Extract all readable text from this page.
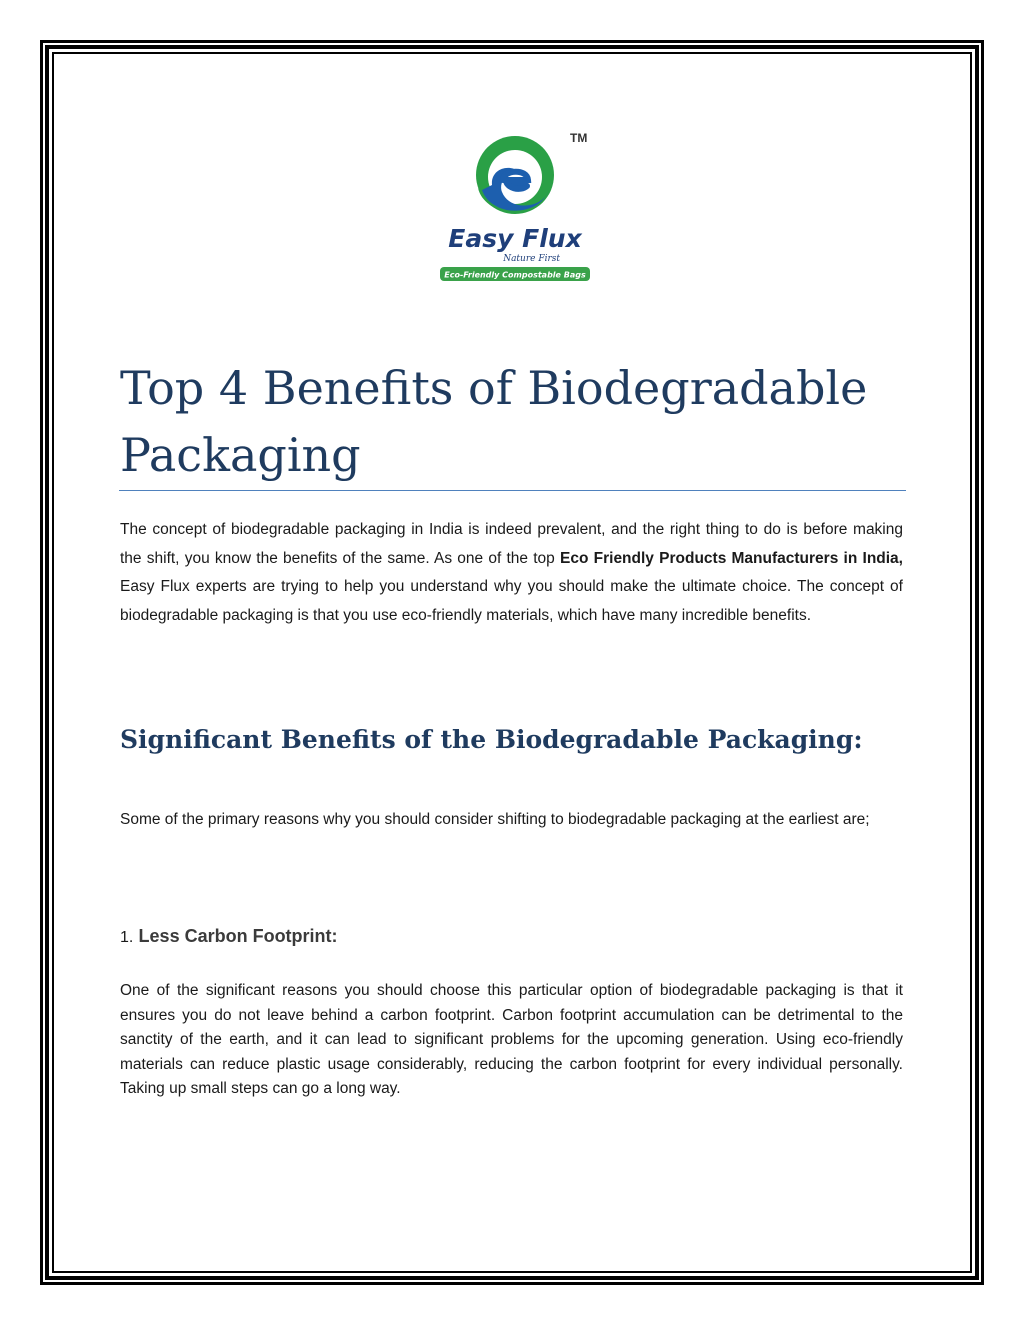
TM
Easy Flux
Nature First
Eco-Friendly Compostable Bags
Top 4 Benefits of Biodegradable Packaging

The concept of biodegradable packaging in India is indeed prevalent, and the right thing to do is before making the shift, you know the benefits of the same. As one of the top Eco Friendly Products Manufacturers in India, Easy Flux experts are trying to help you understand why you should make the ultimate choice. The concept of biodegradable packaging is that you use eco-friendly materials, which have many incredible benefits.

Significant Benefits of the Biodegradable Packaging:

Some of the primary reasons why you should consider shifting to biodegradable packaging at the earliest are;

1. Less Carbon Footprint:

One of the significant reasons you should choose this particular option of biodegradable packaging is that it ensures you do not leave behind a carbon footprint. Carbon footprint accumulation can be detrimental to the sanctity of the earth, and it can lead to significant problems for the upcoming generation. Using eco-friendly materials can reduce plastic usage considerably, reducing the carbon footprint for every individual personally. Taking up small steps can go a long way.
